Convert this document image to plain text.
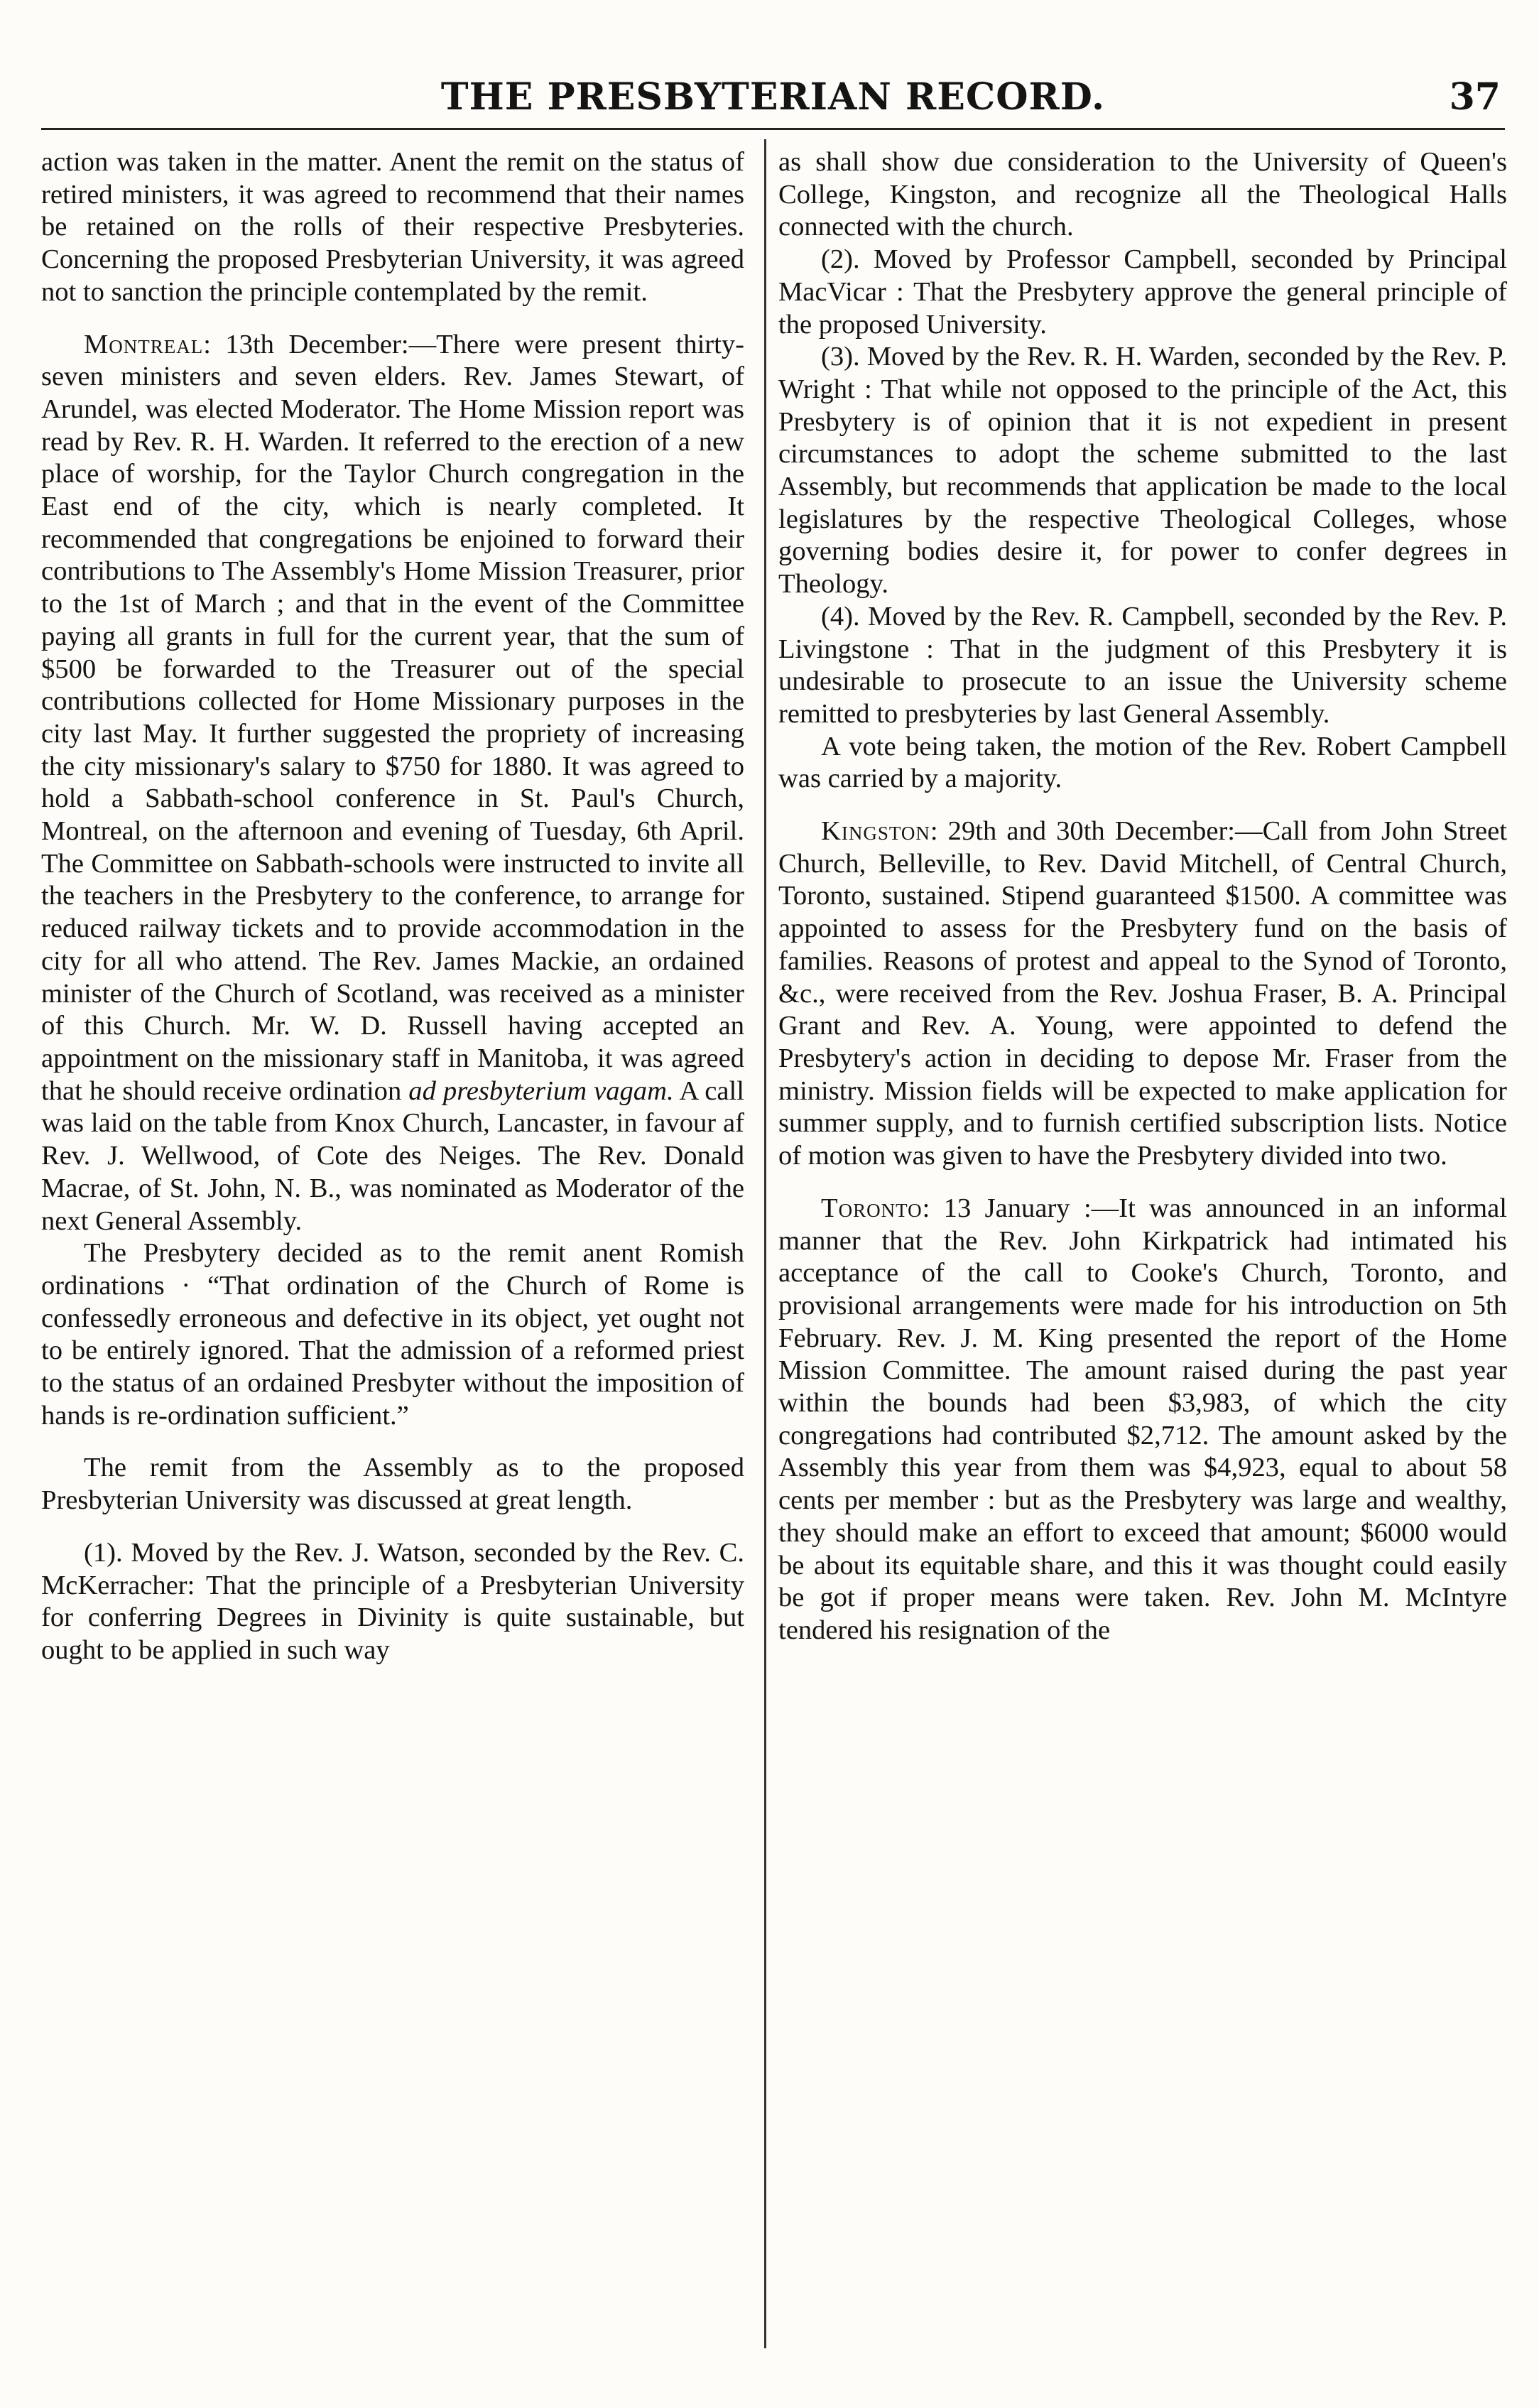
THE PRESBYTERIAN RECORD.	37

action was taken in the matter. Anent the remit on the status of retired ministers, it was agreed to recommend that their names be retained on the rolls of their respective Presbyteries. Concerning the proposed Presbyterian University, it was agreed not to sanction the principle contemplated by the remit.

Montreal: 13th December:—There were present thirty-seven ministers and seven elders. Rev. James Stewart, of Arundel, was elected Moderator. The Home Mission report was read by Rev. R. H. Warden. It referred to the erection of a new place of worship, for the Taylor Church congregation in the East end of the city, which is nearly completed. It recommended that congregations be enjoined to forward their contributions to The Assembly's Home Mission Treasurer, prior to the 1st of March ; and that in the event of the Committee paying all grants in full for the current year, that the sum of $500 be forwarded to the Treasurer out of the special contributions collected for Home Missionary purposes in the city last May. It further suggested the propriety of increasing the city missionary's salary to $750 for 1880. It was agreed to hold a Sabbath-school conference in St. Paul's Church, Montreal, on the afternoon and evening of Tuesday, 6th April. The Committee on Sabbath-schools were instructed to invite all the teachers in the Presbytery to the conference, to arrange for reduced railway tickets and to provide accommodation in the city for all who attend. The Rev. James Mackie, an ordained minister of the Church of Scotland, was received as a minister of this Church. Mr. W. D. Russell having accepted an appointment on the missionary staff in Manitoba, it was agreed that he should receive ordination ad presbyterium vagam. A call was laid on the table from Knox Church, Lancaster, in favour af Rev. J. Wellwood, of Cote des Neiges. The Rev. Donald Macrae, of St. John, N. B., was nominated as Moderator of the next General Assembly.

The Presbytery decided as to the remit anent Romish ordinations · “That ordination of the Church of Rome is confessedly erroneous and defective in its object, yet ought not to be entirely ignored. That the admission of a reformed priest to the status of an ordained Presbyter without the imposition of hands is re-ordination sufficient.”

The remit from the Assembly as to the proposed Presbyterian University was discussed at great length.

(1). Moved by the Rev. J. Watson, seconded by the Rev. C. McKerracher: That the principle of a Presbyterian University for conferring Degrees in Divinity is quite sustainable, but ought to be applied in such way

as shall show due consideration to the University of Queen's College, Kingston, and recognize all the Theological Halls connected with the church.

(2). Moved by Professor Campbell, seconded by Principal MacVicar : That the Presbytery approve the general principle of the proposed University.

(3). Moved by the Rev. R. H. Warden, seconded by the Rev. P. Wright : That while not opposed to the principle of the Act, this Presbytery is of opinion that it is not expedient in present circumstances to adopt the scheme submitted to the last Assembly, but recommends that application be made to the local legislatures by the respective Theological Colleges, whose governing bodies desire it, for power to confer degrees in Theology.

(4). Moved by the Rev. R. Campbell, seconded by the Rev. P. Livingstone : That in the judgment of this Presbytery it is undesirable to prosecute to an issue the University scheme remitted to presbyteries by last General Assembly.

A vote being taken, the motion of the Rev. Robert Campbell was carried by a majority.

Kingston: 29th and 30th December:—Call from John Street Church, Belleville, to Rev. David Mitchell, of Central Church, Toronto, sustained. Stipend guaranteed $1500. A committee was appointed to assess for the Presbytery fund on the basis of families. Reasons of protest and appeal to the Synod of Toronto, &c., were received from the Rev. Joshua Fraser, B. A. Principal Grant and Rev. A. Young, were appointed to defend the Presbytery's action in deciding to depose Mr. Fraser from the ministry. Mission fields will be expected to make application for summer supply, and to furnish certified subscription lists. Notice of motion was given to have the Presbytery divided into two.

Toronto: 13 January :—It was announced in an informal manner that the Rev. John Kirkpatrick had intimated his acceptance of the call to Cooke's Church, Toronto, and provisional arrangements were made for his introduction on 5th February. Rev. J. M. King presented the report of the Home Mission Committee. The amount raised during the past year within the bounds had been $3,983, of which the city congregations had contributed $2,712. The amount asked by the Assembly this year from them was $4,923, equal to about 58 cents per member : but as the Presbytery was large and wealthy, they should make an effort to exceed that amount; $6000 would be about its equitable share, and this it was thought could easily be got if proper means were taken. Rev. John M. McIntyre tendered his resignation of the
